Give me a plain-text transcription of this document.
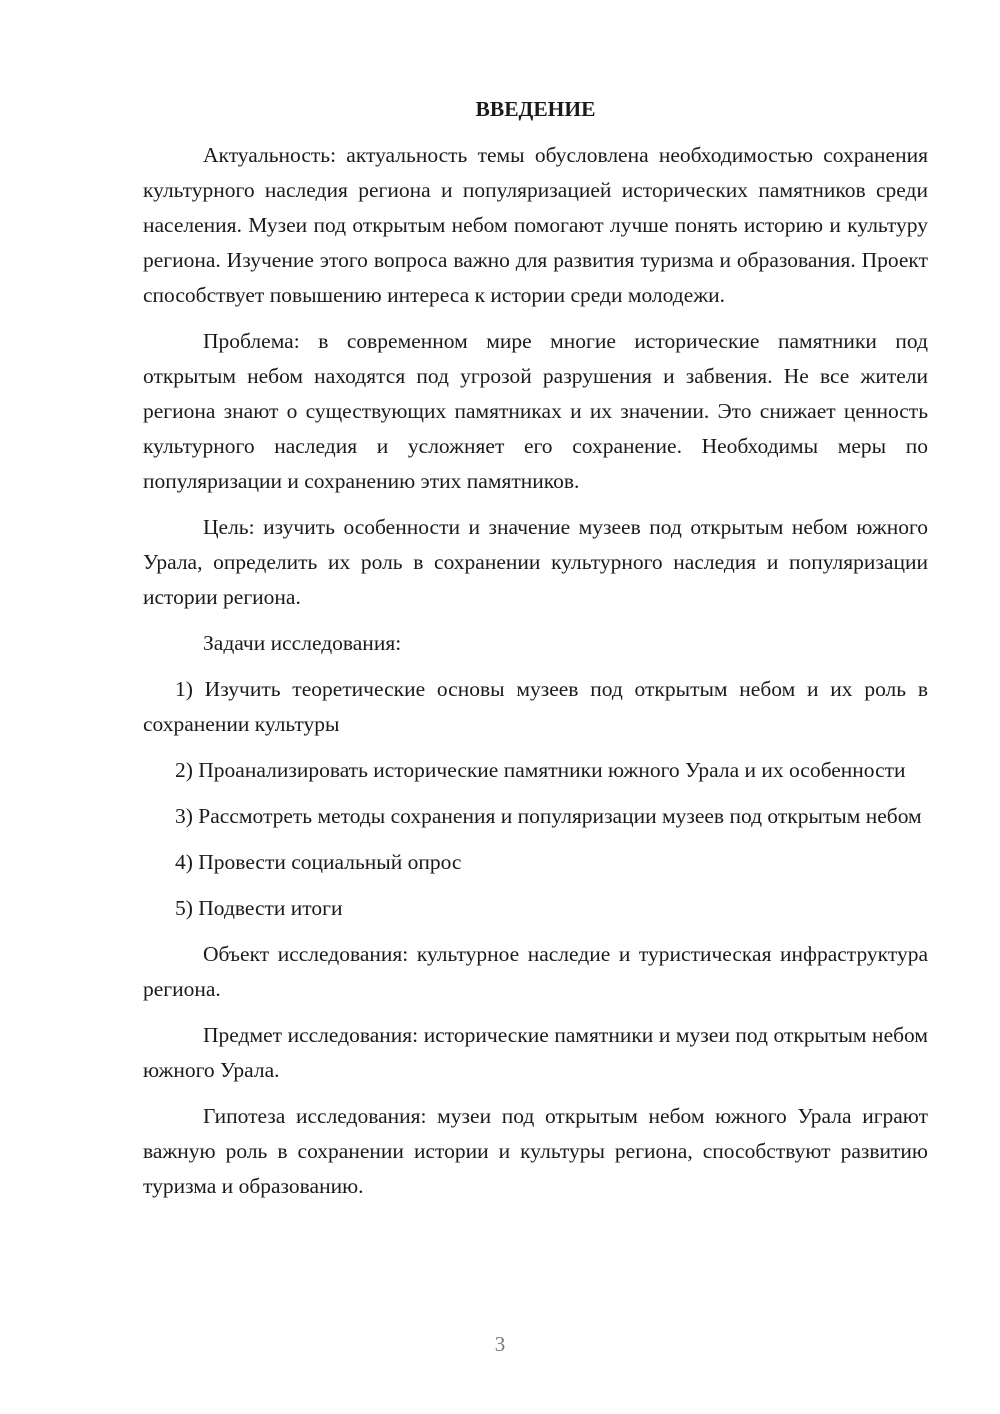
ВВЕДЕНИЕ

Актуальность: актуальность темы обусловлена необходимостью сохранения культурного наследия региона и популяризацией исторических памятников среди населения. Музеи под открытым небом помогают лучше понять историю и культуру региона. Изучение этого вопроса важно для развития туризма и образования. Проект способствует повышению интереса к истории среди молодежи.

Проблема: в современном мире многие исторические памятники под открытым небом находятся под угрозой разрушения и забвения. Не все жители региона знают о существующих памятниках и их значении. Это снижает ценность культурного наследия и усложняет его сохранение. Необходимы меры по популяризации и сохранению этих памятников.

Цель: изучить особенности и значение музеев под открытым небом южного Урала, определить их роль в сохранении культурного наследия и популяризации истории региона.

Задачи исследования:

1) Изучить теоретические основы музеев под открытым небом и их роль в сохранении культуры

2) Проанализировать исторические памятники южного Урала и их особенности

3) Рассмотреть методы сохранения и популяризации музеев под открытым небом

4) Провести социальный опрос

5) Подвести итоги

Объект исследования: культурное наследие и туристическая инфраструктура региона.

Предмет исследования: исторические памятники и музеи под открытым небом южного Урала.

Гипотеза исследования: музеи под открытым небом южного Урала играют важную роль в сохранении истории и культуры региона, способствуют развитию туризма и образованию.

3
